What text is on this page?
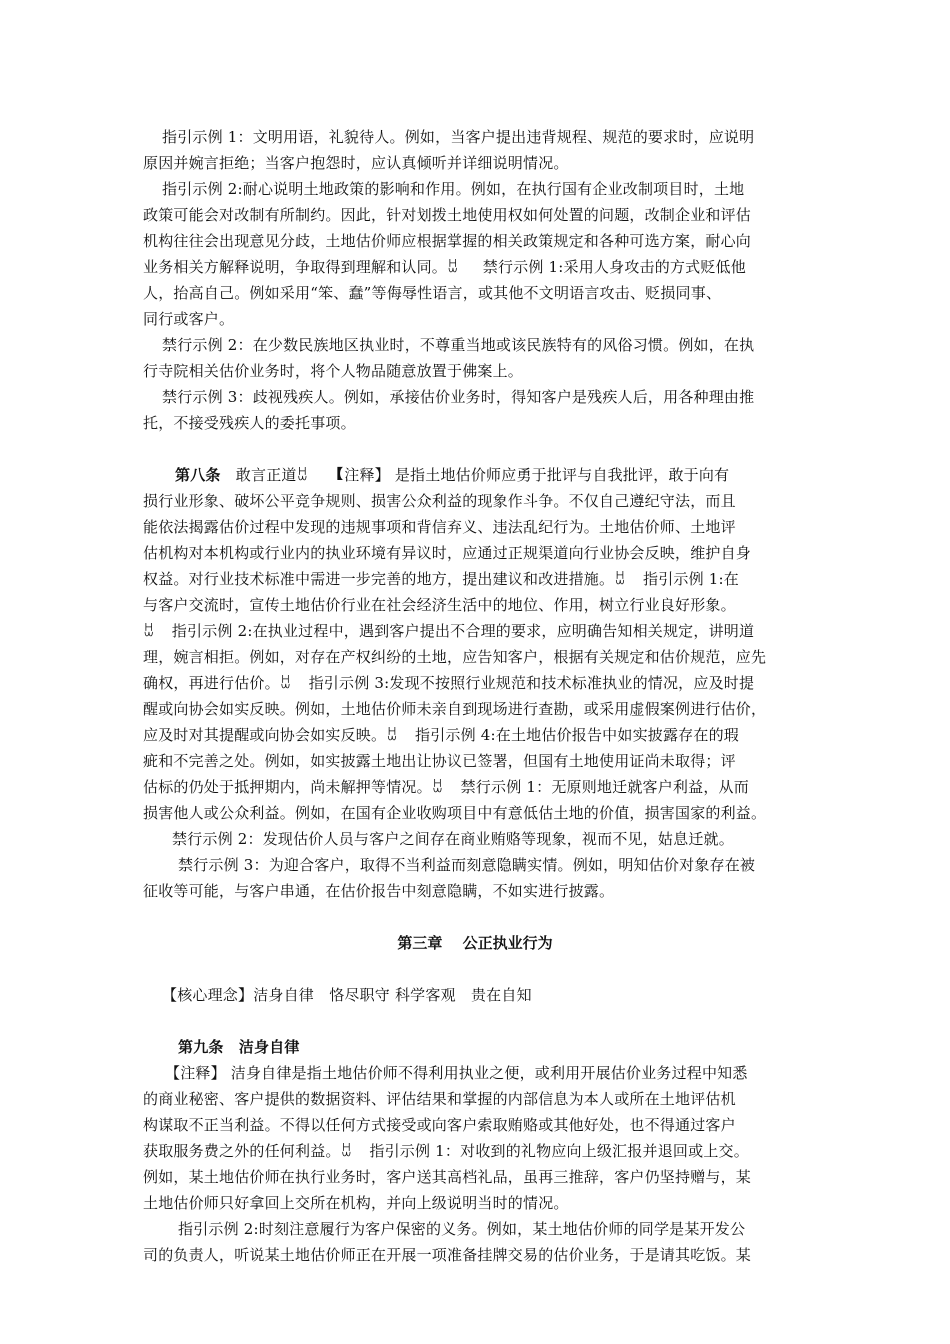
指引示例 1：文明用语，礼貌待人。例如，当客户提出违背规程、规范的要求时，应说明
原因并婉言拒绝；当客户抱怨时，应认真倾听并详细说明情况。
指引示例 2:耐心说明土地政策的影响和作用。例如，在执行国有企业改制项目时，土地
政策可能会对改制有所制约。因此，针对划拨土地使用权如何处置的问题，改制企业和评估
机构往往会出现意见分歧，土地估价师应根据掌握的相关政策规定和各种可选方案，耐心向
业务相关方解释说明，争取得到理解和认同。ꀠ　　禁行示例 1:采用人身攻击的方式贬低他
人，抬高自己。例如采用“笨、蠢”等侮辱性语言，或其他不文明语言攻击、贬损同事、
同行或客户。
禁行示例 2：在少数民族地区执业时，不尊重当地或该民族特有的风俗习惯。例如，在执
行寺院相关估价业务时，将个人物品随意放置于佛案上。
禁行示例 3：歧视残疾人。例如，承接估价业务时，得知客户是残疾人后，用各种理由推
托，不接受残疾人的委托事项。
第八条　敢言正道ꀠ　　【注释】 是指土地估价师应勇于批评与自我批评，敢于向有
损行业形象、破坏公平竞争规则、损害公众利益的现象作斗争。不仅自己遵纪守法，而且
能依法揭露估价过程中发现的违规事项和背信弃义、违法乱纪行为。土地估价师、土地评
估机构对本机构或行业内的执业环境有异议时，应通过正规渠道向行业协会反映，维护自身
权益。对行业技术标准中需进一步完善的地方，提出建议和改进措施。ꀠ　 指引示例 1:在
与客户交流时，宣传土地估价行业在社会经济生活中的地位、作用，树立行业良好形象。
ꀠ　 指引示例 2:在执业过程中，遇到客户提出不合理的要求，应明确告知相关规定，讲明道
理，婉言相拒。例如，对存在产权纠纷的土地，应告知客户，根据有关规定和估价规范，应先
确权，再进行估价。ꀠ　 指引示例 3:发现不按照行业规范和技术标准执业的情况，应及时提
醒或向协会如实反映。例如，土地估价师未亲自到现场进行查勘，或采用虚假案例进行估价，
应及时对其提醒或向协会如实反映。ꀠ　 指引示例 4:在土地估价报告中如实披露存在的瑕
疵和不完善之处。例如，如实披露土地出让协议已签署，但国有土地使用证尚未取得；评
估标的仍处于抵押期内，尚未解押等情况。ꀠ　 禁行示例 1：无原则地迁就客户利益，从而
损害他人或公众利益。例如，在国有企业收购项目中有意低估土地的价值，损害国家的利益。
禁行示例 2：发现估价人员与客户之间存在商业贿赂等现象，视而不见，姑息迁就。
禁行示例 3：为迎合客户，取得不当利益而刻意隐瞒实情。例如，明知估价对象存在被
征收等可能，与客户串通，在估价报告中刻意隐瞒，不如实进行披露。
第三章　 公正执业行为
【核心理念】洁身自律　恪尽职守 科学客观　贵在自知
第九条　洁身自律
【注释】 洁身自律是指土地估价师不得利用执业之便，或利用开展估价业务过程中知悉
的商业秘密、客户提供的数据资料、评估结果和掌握的内部信息为本人或所在土地评估机
构谋取不正当利益。不得以任何方式接受或向客户索取贿赂或其他好处，也不得通过客户
获取服务费之外的任何利益。ꀠ　 指引示例 1：对收到的礼物应向上级汇报并退回或上交。
例如，某土地估价师在执行业务时，客户送其高档礼品，虽再三推辞，客户仍坚持赠与，某
土地估价师只好拿回上交所在机构，并向上级说明当时的情况。
指引示例 2:时刻注意履行为客户保密的义务。例如，某土地估价师的同学是某开发公
司的负责人，听说某土地估价师正在开展一项准备挂牌交易的估价业务，于是请其吃饭。某
